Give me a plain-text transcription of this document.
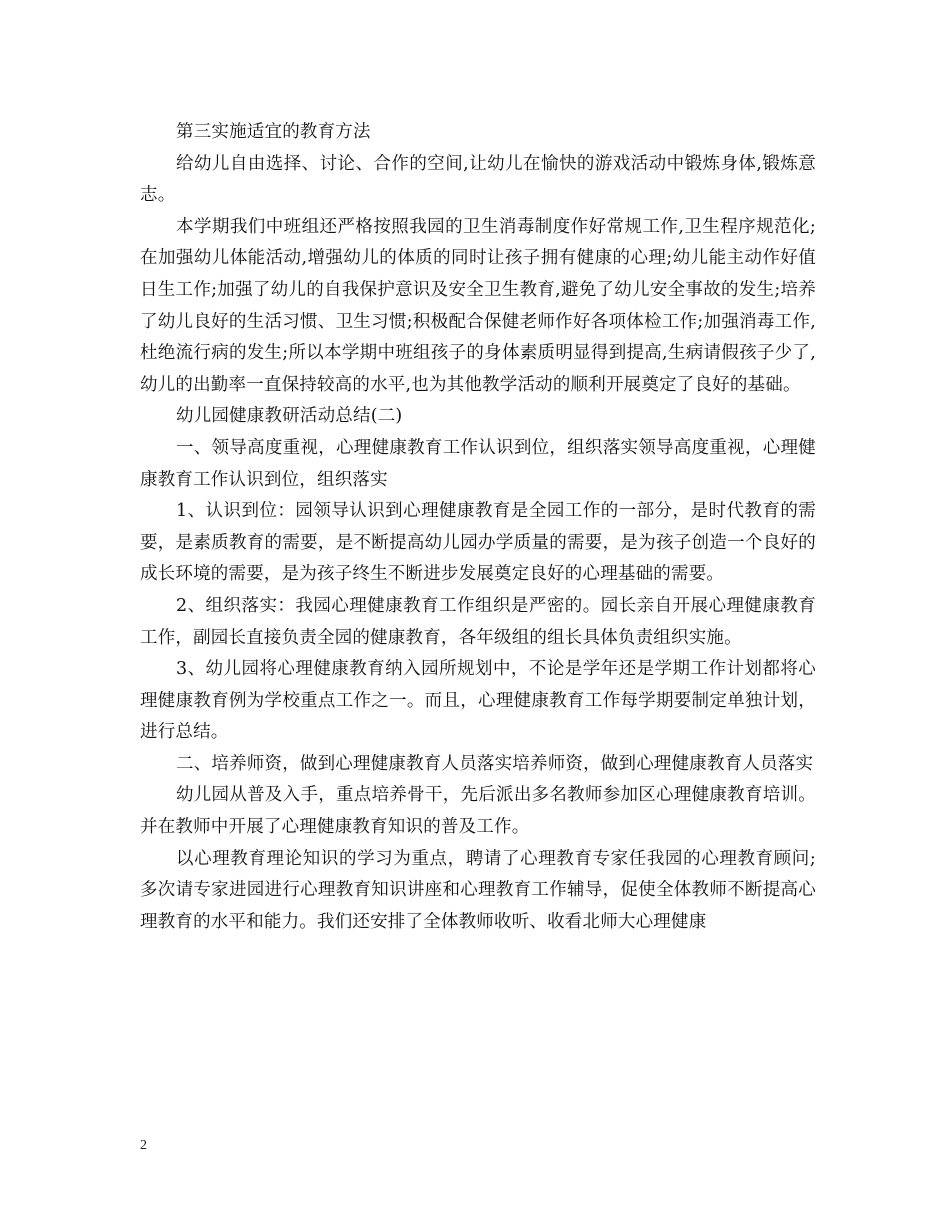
第三实施适宜的教育方法

给幼儿自由选择、讨论、合作的空间,让幼儿在愉快的游戏活动中锻炼身体,锻炼意志。

本学期我们中班组还严格按照我园的卫生消毒制度作好常规工作,卫生程序规范化;在加强幼儿体能活动,增强幼儿的体质的同时让孩子拥有健康的心理;幼儿能主动作好值日生工作;加强了幼儿的自我保护意识及安全卫生教育,避免了幼儿安全事故的发生;培养了幼儿良好的生活习惯、卫生习惯;积极配合保健老师作好各项体检工作;加强消毒工作,杜绝流行病的发生;所以本学期中班组孩子的身体素质明显得到提高,生病请假孩子少了,幼儿的出勤率一直保持较高的水平,也为其他教学活动的顺利开展奠定了良好的基础。

幼儿园健康教研活动总结(二)

一、领导高度重视，心理健康教育工作认识到位，组织落实领导高度重视，心理健康教育工作认识到位，组织落实

1、认识到位：园领导认识到心理健康教育是全园工作的一部分，是时代教育的需要，是素质教育的需要，是不断提高幼儿园办学质量的需要，是为孩子创造一个良好的成长环境的需要，是为孩子终生不断进步发展奠定良好的心理基础的需要。

2、组织落实：我园心理健康教育工作组织是严密的。园长亲自开展心理健康教育工作，副园长直接负责全园的健康教育，各年级组的组长具体负责组织实施。

3、幼儿园将心理健康教育纳入园所规划中，不论是学年还是学期工作计划都将心理健康教育例为学校重点工作之一。而且，心理健康教育工作每学期要制定单独计划，进行总结。

二、培养师资，做到心理健康教育人员落实培养师资，做到心理健康教育人员落实

幼儿园从普及入手，重点培养骨干，先后派出多名教师参加区心理健康教育培训。并在教师中开展了心理健康教育知识的普及工作。

以心理教育理论知识的学习为重点，聘请了心理教育专家任我园的心理教育顾问;多次请专家进园进行心理教育知识讲座和心理教育工作辅导，促使全体教师不断提高心理教育的水平和能力。我们还安排了全体教师收听、收看北师大心理健康

2
